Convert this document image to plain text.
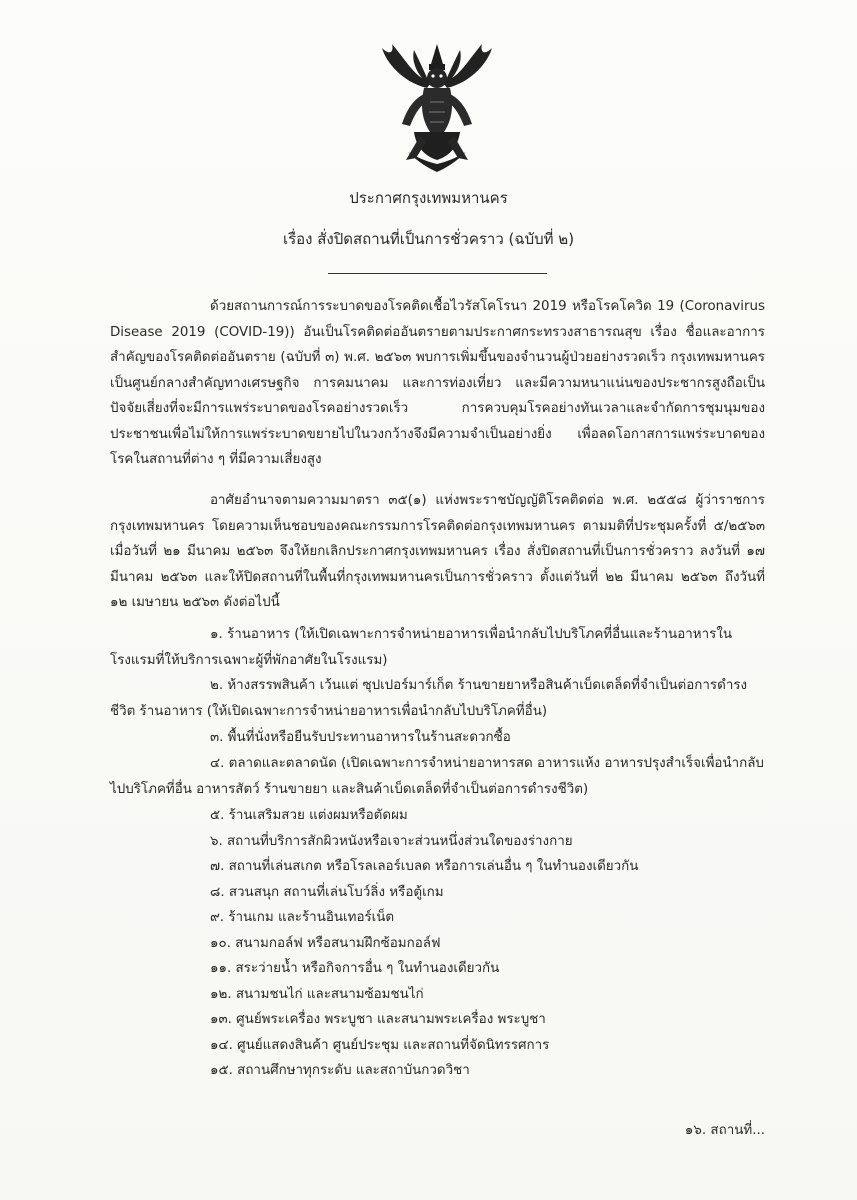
ประกาศกรุงเทพมหานคร
เรื่อง สั่งปิดสถานที่เป็นการชั่วคราว (ฉบับที่ ๒)

ด้วยสถานการณ์การระบาดของโรคติดเชื้อไวรัสโคโรนา 2019 หรือโรคโควิด 19 (Coronavirus Disease 2019 (COVID-19)) อันเป็นโรคติดต่ออันตรายตามประกาศกระทรวงสาธารณสุข เรื่อง ชื่อและอาการสำคัญของโรคติดต่ออันตราย (ฉบับที่ ๓) พ.ศ. ๒๕๖๓ พบการเพิ่มขึ้นของจำนวนผู้ป่วยอย่างรวดเร็ว กรุงเทพมหานครเป็นศูนย์กลางสำคัญทางเศรษฐกิจ การคมนาคม และการท่องเที่ยว และมีความหนาแน่นของประชากรสูงถือเป็นปัจจัยเสี่ยงที่จะมีการแพร่ระบาดของโรคอย่างรวดเร็ว การควบคุมโรคอย่างทันเวลาและจำกัดการชุมนุมของประชาชนเพื่อไม่ให้การแพร่ระบาดขยายไปในวงกว้างจึงมีความจำเป็นอย่างยิ่ง เพื่อลดโอกาสการแพร่ระบาดของโรคในสถานที่ต่าง ๆ ที่มีความเสี่ยงสูง

อาศัยอำนาจตามความมาตรา ๓๕(๑) แห่งพระราชบัญญัติโรคติดต่อ พ.ศ. ๒๕๕๘ ผู้ว่าราชการกรุงเทพมหานคร โดยความเห็นชอบของคณะกรรมการโรคติดต่อกรุงเทพมหานคร ตามมติที่ประชุมครั้งที่ ๕/๒๕๖๓ เมื่อวันที่ ๒๑ มีนาคม ๒๕๖๓ จึงให้ยกเลิกประกาศกรุงเทพมหานคร เรื่อง สั่งปิดสถานที่เป็นการชั่วคราว ลงวันที่ ๑๗ มีนาคม ๒๕๖๓ และให้ปิดสถานที่ในพื้นที่กรุงเทพมหานครเป็นการชั่วคราว ตั้งแต่วันที่ ๒๒ มีนาคม ๒๕๖๓ ถึงวันที่ ๑๒ เมษายน ๒๕๖๓ ดังต่อไปนี้

๑. ร้านอาหาร (ให้เปิดเฉพาะการจำหน่ายอาหารเพื่อนำกลับไปบริโภคที่อื่นและร้านอาหารในโรงแรมที่ให้บริการเฉพาะผู้ที่พักอาศัยในโรงแรม)

๒. ห้างสรรพสินค้า เว้นแต่ ซุปเปอร์มาร์เก็ต ร้านขายยาหรือสินค้าเบ็ดเตล็ดที่จำเป็นต่อการดำรงชีวิต ร้านอาหาร (ให้เปิดเฉพาะการจำหน่ายอาหารเพื่อนำกลับไปบริโภคที่อื่น)

๓. พื้นที่นั่งหรือยืนรับประทานอาหารในร้านสะดวกซื้อ

๔. ตลาดและตลาดนัด (เปิดเฉพาะการจำหน่ายอาหารสด อาหารแห้ง อาหารปรุงสำเร็จเพื่อนำกลับไปบริโภคที่อื่น อาหารสัตว์ ร้านขายยา และสินค้าเบ็ดเตล็ดที่จำเป็นต่อการดำรงชีวิต)

๕. ร้านเสริมสวย แต่งผมหรือตัดผม

๖. สถานที่บริการสักผิวหนังหรือเจาะส่วนหนึ่งส่วนใดของร่างกาย

๗. สถานที่เล่นสเกต หรือโรลเลอร์เบลด หรือการเล่นอื่น ๆ ในทำนองเดียวกัน

๘. สวนสนุก สถานที่เล่นโบว์ลิ่ง หรือตู้เกม

๙. ร้านเกม และร้านอินเทอร์เน็ต

๑๐. สนามกอล์ฟ หรือสนามฝึกซ้อมกอล์ฟ

๑๑. สระว่ายน้ำ หรือกิจการอื่น ๆ ในทำนองเดียวกัน

๑๒. สนามชนไก่ และสนามซ้อมชนไก่

๑๓. ศูนย์พระเครื่อง พระบูชา และสนามพระเครื่อง พระบูชา

๑๔. ศูนย์แสดงสินค้า ศูนย์ประชุม และสถานที่จัดนิทรรศการ

๑๕. สถานศึกษาทุกระดับ และสถาบันกวดวิชา

๑๖. สถานที่...
